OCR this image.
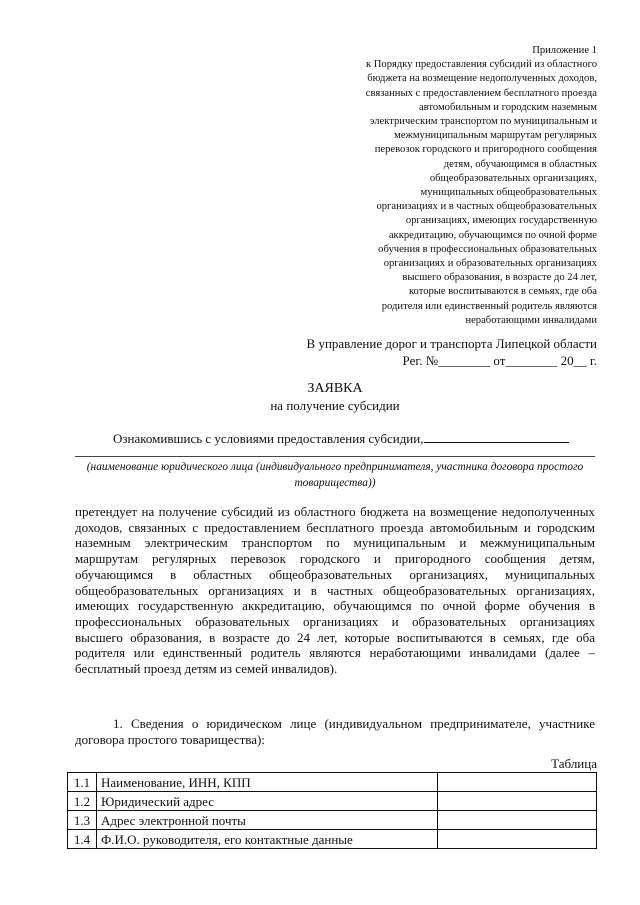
Приложение 1
к Порядку предоставления субсидий из областного
бюджета на возмещение недополученных доходов,
связанных с предоставлением бесплатного проезда
автомобильным и городским наземным
электрическим транспортом по муниципальным и
межмуниципальным маршрутам регулярных
перевозок городского и пригородного сообщения
детям, обучающимся в областных
общеобразовательных организациях,
муниципальных общеобразовательных
организациях и в частных общеобразовательных
организациях, имеющих государственную
аккредитацию, обучающимся по очной форме
обучения в профессиональных образовательных
организациях и образовательных организациях
высшего образования, в возрасте до 24 лет,
которые воспитываются в семьях, где оба
родителя или единственный родитель являются
неработающими инвалидами
В управление дорог и транспорта Липецкой области
Рег. №________ от________ 20__ г.
ЗАЯВКА
на получение субсидии
Ознакомившись с условиями предоставления субсидии,
(наименование юридического лица (индивидуального предпринимателя, участника договора простого товарищества))
претендует на получение субсидий из областного бюджета на возмещение недополученных доходов, связанных с предоставлением бесплатного проезда автомобильным и городским наземным электрическим транспортом по муниципальным и межмуниципальным маршрутам регулярных перевозок городского и пригородного сообщения детям, обучающимся в областных общеобразовательных организациях, муниципальных общеобразовательных организациях и в частных общеобразовательных организациях, имеющих государственную аккредитацию, обучающимся по очной форме обучения в профессиональных образовательных организациях и образовательных организациях высшего образования, в возрасте до 24 лет, которые воспитываются в семьях, где оба родителя или единственный родитель являются неработающими инвалидами (далее – бесплатный проезд детям из семей инвалидов).
1. Сведения о юридическом лице (индивидуальном предпринимателе, участнике договора простого товарищества):
Таблица
1.1	Наименование, ИНН, КПП	
1.2	Юридический адрес	
1.3	Адрес электронной почты	
1.4	Ф.И.О. руководителя, его контактные данные	
